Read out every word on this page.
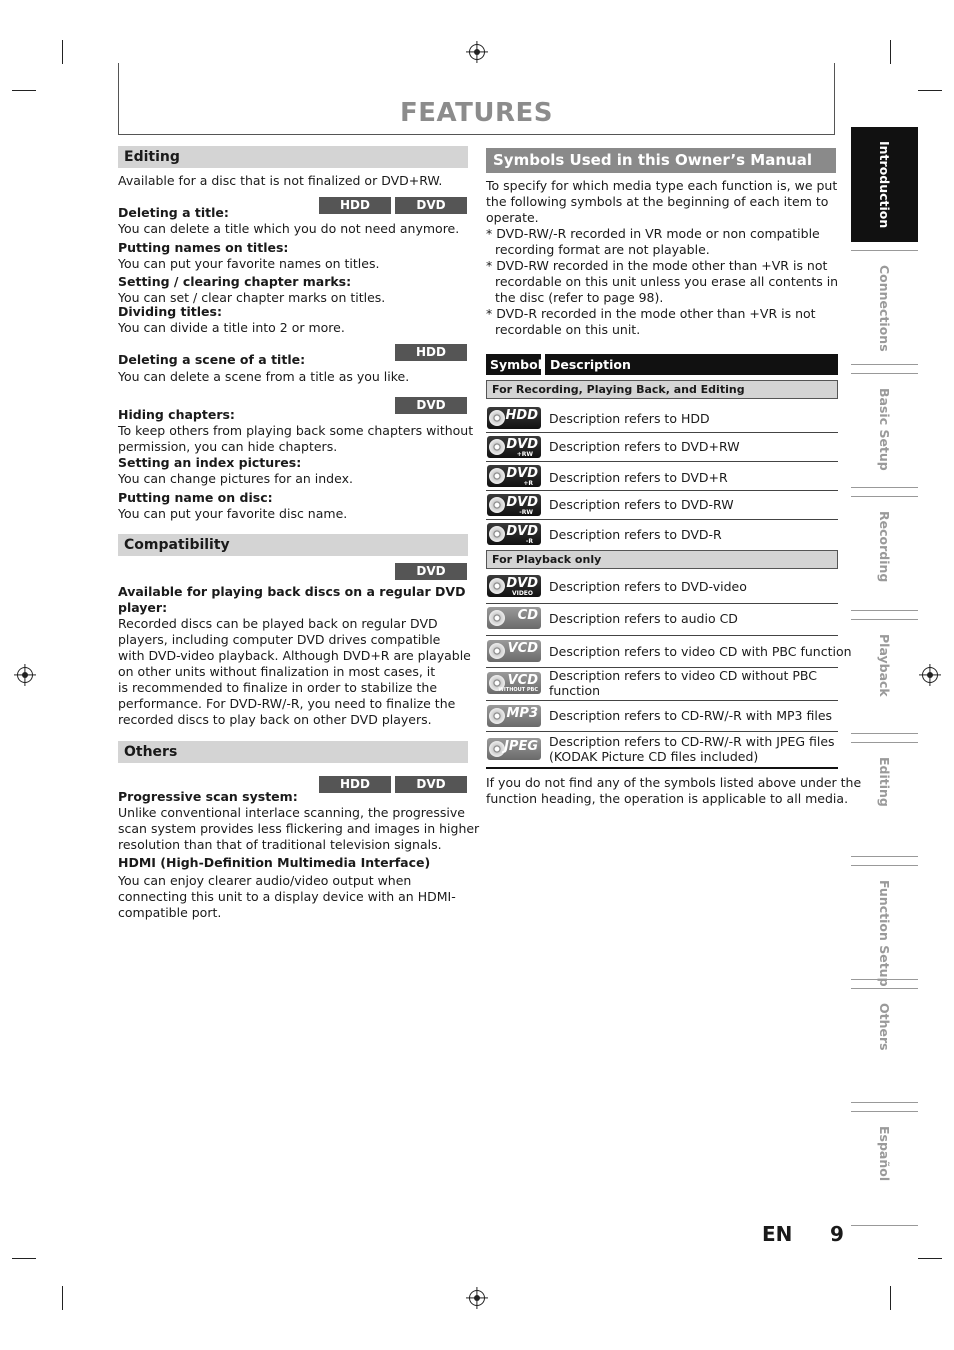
FEATURES
Editing
Available for a disc that is not finalized or DVD+RW.
HDD	DVD
Deleting a title:
You can delete a title which you do not need anymore.
Putting names on titles:
You can put your favorite names on titles.
Setting / clearing chapter marks:
You can set / clear chapter marks on titles.
Dividing titles:
You can divide a title into 2 or more.
HDD
Deleting a scene of a title:
You can delete a scene from a title as you like.
DVD
Hiding chapters:
To keep others from playing back some chapters without
permission, you can hide chapters.
Setting an index pictures:
You can change pictures for an index.
Putting name on disc:
You can put your favorite disc name.
Compatibility
DVD
Available for playing back discs on a regular DVD
player:
Recorded discs can be played back on regular DVD
players, including computer DVD drives compatible
with DVD-video playback. Although DVD+R are playable
on other units without finalization in most cases, it
is recommended to finalize in order to stabilize the
performance. For DVD-RW/-R, you need to finalize the
recorded discs to play back on other DVD players.
Others
HDD	DVD
Progressive scan system:
Unlike conventional interlace scanning, the progressive
scan system provides less flickering and images in higher
resolution than that of traditional television signals.
HDMI (High-Definition Multimedia Interface)
You can enjoy clearer audio/video output when
connecting this unit to a display device with an HDMI-
compatible port.
Symbols Used in this Owner’s Manual
To specify for which media type each function is, we put
the following symbols at the beginning of each item to
operate.
* DVD-RW/-R recorded in VR mode or non compatible
recording format are not playable.
* DVD-RW recorded in the mode other than +VR is not
recordable on this unit unless you erase all contents in
the disc (refer to page 98).
* DVD-R recorded in the mode other than +VR is not
recordable on this unit.
Symbol Description
For Recording, Playing Back, and Editing
HDD Description refers to HDD
DVD
+RW
Description refers to DVD+RW
DVD
+R Description refers to DVD+R
DVD
-RW
Description refers to DVD-RW
DVD
-R Description refers to DVD-R
For Playback only
DVD
VIDEO Description refers to DVD-video
CD Description refers to audio CD
VCD Description refers to video CD with PBC function
VCD
WITHOUT PBC
Description refers to video CD without PBC
function
MP3 Description refers to CD-RW/-R with MP3 files
JPEG Description refers to CD-RW/-R with JPEG files
(KODAK Picture CD files included)
If you do not find any of the symbols listed above under the
function heading, the operation is applicable to all media.
Introduction
Connections
Basic Setup
Recording
Playback
Editing
Function Setup
Others
Español
EN 9
